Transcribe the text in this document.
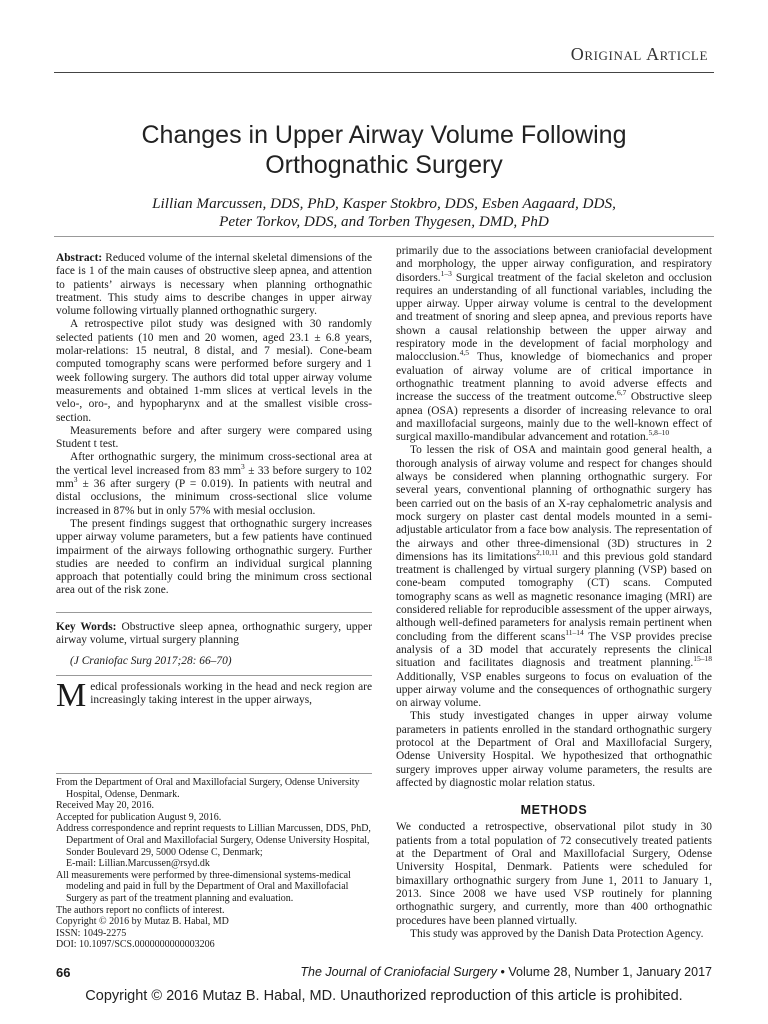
Original Article
Changes in Upper Airway Volume Following
Orthognathic Surgery
Lillian Marcussen, DDS, PhD, Kasper Stokbro, DDS, Esben Aagaard, DDS,
Peter Torkov, DDS, and Torben Thygesen, DMD, PhD

Abstract: Reduced volume of the internal skeletal dimensions of the face is 1 of the main causes of obstructive sleep apnea, and attention to patients’ airways is necessary when planning orthognathic treatment. This study aims to describe changes in upper airway volume following virtually planned orthognathic surgery.

A retrospective pilot study was designed with 30 randomly selected patients (10 men and 20 women, aged 23.1 ± 6.8 years, molar-relations: 15 neutral, 8 distal, and 7 mesial). Cone-beam computed tomography scans were performed before surgery and 1 week following surgery. The authors did total upper airway volume measurements and obtained 1-mm slices at vertical levels in the velo-, oro-, and hypopharynx and at the smallest visible cross-section.

Measurements before and after surgery were compared using Student t test.

After orthognathic surgery, the minimum cross-sectional area at the vertical level increased from 83 $mm^3 \pm 33$ before surgery to 102 $mm^3 \pm 36$ after surgery (P = 0.019). In patients with neutral and distal occlusions, the minimum cross-sectional slice volume increased in 87% but in only 57% with mesial occlusion.

The present findings suggest that orthognathic surgery increases upper airway volume parameters, but a few patients have continued impairment of the airways following orthognathic surgery. Further studies are needed to confirm an individual surgical planning approach that potentially could bring the minimum cross sectional area out of the risk zone.

Key Words: Obstructive sleep apnea, orthognathic surgery, upper airway volume, virtual surgery planning

(J Craniofac Surg 2017;28: 66–70)

Medical professionals working in the head and neck region are increasingly taking interest in the upper airways,

From the Department of Oral and Maxillofacial Surgery, Odense University Hospital, Odense, Denmark.

Received May 20, 2016.

Accepted for publication August 9, 2016.

Address correspondence and reprint requests to Lillian Marcussen, DDS, PhD, Department of Oral and Maxillofacial Surgery, Odense University Hospital, Sonder Boulevard 29, 5000 Odense C, Denmark;

E-mail: Lillian.Marcussen@rsyd.dk

All measurements were performed by three-dimensional systems-medical modeling and paid in full by the Department of Oral and Maxillofacial Surgery as part of the treatment planning and evaluation.

The authors report no conflicts of interest.

Copyright © 2016 by Mutaz B. Habal, MD

ISSN: 1049-2275

DOI: 10.1097/SCS.0000000000003206

primarily due to the associations between craniofacial development and morphology, the upper airway configuration, and respiratory disorders.$^{1-3}$ Surgical treatment of the facial skeleton and occlusion requires an understanding of all functional variables, including the upper airway. Upper airway volume is central to the development and treatment of snoring and sleep apnea, and previous reports have shown a causal relationship between the upper airway and respiratory mode in the development of facial morphology and malocclusion.$^{4,5}$ Thus, knowledge of biomechanics and proper evaluation of airway volume are of critical importance in orthognathic treatment planning to avoid adverse effects and increase the success of the treatment outcome.$^{6,7}$ Obstructive sleep apnea (OSA) represents a disorder of increasing relevance to oral and maxillofacial surgeons, mainly due to the well-known effect of surgical maxillo-mandibular advancement and rotation.$^{5,8-10}$

To lessen the risk of OSA and maintain good general health, a thorough analysis of airway volume and respect for changes should always be considered when planning orthognathic surgery. For several years, conventional planning of orthognathic surgery has been carried out on the basis of an X-ray cephalometric analysis and mock surgery on plaster cast dental models mounted in a semi-adjustable articulator from a face bow analysis. The representation of the airways and other three-dimensional (3D) structures in 2 dimensions has its limitations$^{2,10,11}$ and this previous gold standard treatment is challenged by virtual surgery planning (VSP) based on cone-beam computed tomography (CT) scans. Computed tomography scans as well as magnetic resonance imaging (MRI) are considered reliable for reproducible assessment of the upper airways, although well-defined parameters for analysis remain pertinent when concluding from the different scans$^{11-14}$ The VSP provides precise analysis of a 3D model that accurately represents the clinical situation and facilitates diagnosis and treatment planning.$^{15-18}$ Additionally, VSP enables surgeons to focus on evaluation of the upper airway volume and the consequences of orthognathic surgery on airway volume.

This study investigated changes in upper airway volume parameters in patients enrolled in the standard orthognathic surgery protocol at the Department of Oral and Maxillofacial Surgery, Odense University Hospital. We hypothesized that orthognathic surgery improves upper airway volume parameters, the results are affected by diagnostic molar relation status.

METHODS

We conducted a retrospective, observational pilot study in 30 patients from a total population of 72 consecutively treated patients at the Department of Oral and Maxillofacial Surgery, Odense University Hospital, Denmark. Patients were scheduled for bimaxillary orthognathic surgery from June 1, 2011 to January 1, 2013. Since 2008 we have used VSP routinely for planning orthognathic surgery, and currently, more than 400 orthognathic procedures have been planned virtually.

This study was approved by the Danish Data Protection Agency.

66	The Journal of Craniofacial Surgery • Volume 28, Number 1, January 2017
Copyright © 2016 Mutaz B. Habal, MD. Unauthorized reproduction of this article is prohibited.
